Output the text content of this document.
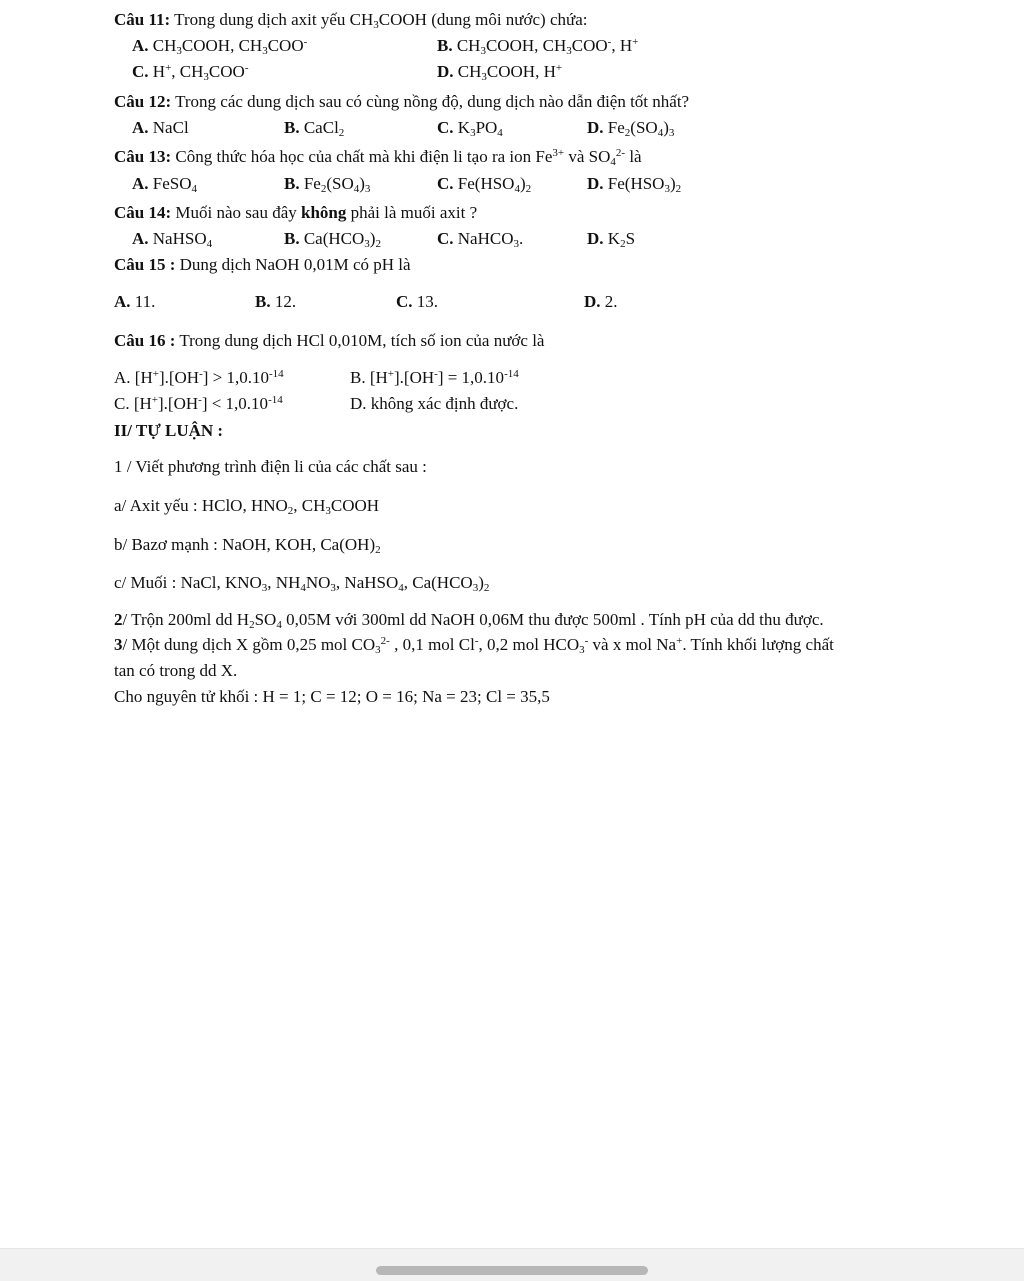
Câu 11: Trong dung dịch axit yếu $CH_3COOH$ (dung môi nước) chứa:
A. $CH_3COOH$, $CH_3COO^-$	B. $CH_3COOH$, $CH_3COO^-$, H+
C. H+, $CH_3COO^-$	D. $CH_3COOH$, H+
Câu 12: Trong các dung dịch sau có cùng nồng độ, dung dịch nào dẫn điện tốt nhất?
A. NaCl	B. CaCl$_2$	C. $K_3PO_4$	D. $Fe_2(SO_4)_3$
Câu 13: Công thức hóa học của chất mà khi điện li tạo ra ion $Fe^{3+}$ và $SO_4^{2-}$ là
A. FeSO$_4$	B. $Fe_2(SO_4)_3$	C. $Fe(HSO_4)_2$	D. $Fe(HSO_3)_2$
Câu 14: Muối nào sau đây không phải là muối axit ?
A. NaHSO$_4$	B. $Ca(HCO_3)_2$	C. NaHCO$_3$.	D. $K_2S$
Câu 15 : Dung dịch NaOH 0,01M có pH là
A. 11.	B. 12.	C. 13.	D. 2.
Câu 16 : Trong dung dịch HCl 0,010M, tích số ion của nước là
A. $[H^+].[OH^-] > 1,0.10^{-14}$	B. $[H^+].[OH^-] = 1,0.10^{-14}$
C. $[H^+].[OH^-] < 1,0.10^{-14}$	D. không xác định được.
II/ TỰ LUẬN :
1 / Viết phương trình điện li của các chất sau :
a/ Axit yếu : HClO, $HNO_2$, $CH_3COOH$
b/ Bazơ mạnh : NaOH, KOH, $Ca(OH)_2$
c/ Muối : NaCl, $KNO_3$, $NH_4NO_3$, NaHSO$_4$, $Ca(HCO_3)_2$
2/ Trộn 200ml dd $H_2SO_4$ 0,05M với 300ml dd NaOH 0,06M thu được 500ml . Tính pH của dd thu được.
3/ Một dung dịch X gồm 0,25 mol $CO_3^{2-}$ , 0,1 mol Cl-, 0,2 mol $HCO_3^-$ và x mol Na+. Tính khối lượng chất
tan có trong dd X.
Cho nguyên tử khối : H = 1; C = 12; O = 16; Na = 23; Cl = 35,5
